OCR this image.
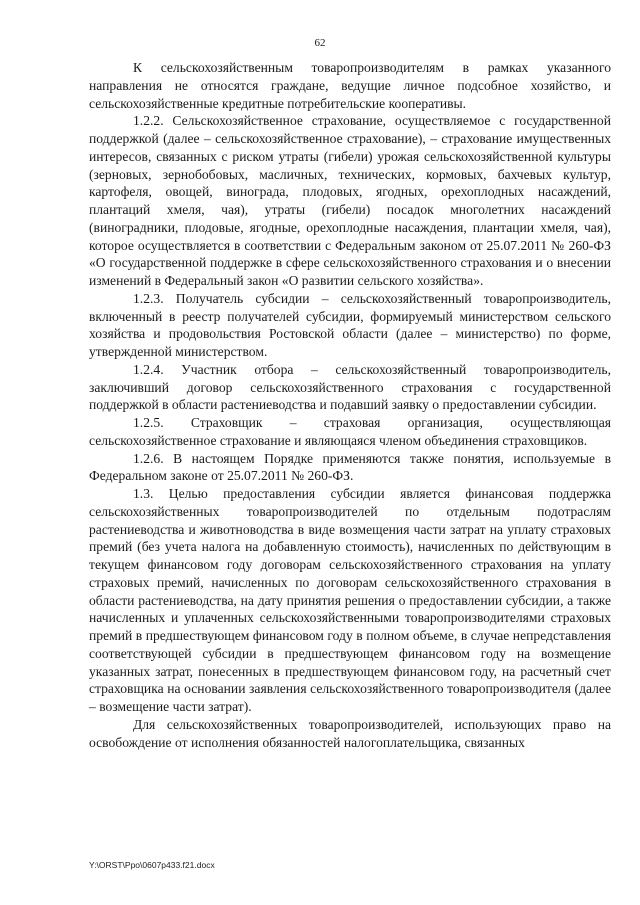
62

К сельскохозяйственным товаропроизводителям в рамках указанного направления не относятся граждане, ведущие личное подсобное хозяйство, и сельскохозяйственные кредитные потребительские кооперативы.

1.2.2. Сельскохозяйственное страхование, осуществляемое с государственной поддержкой (далее – сельскохозяйственное страхование), – страхование имущественных интересов, связанных с риском утраты (гибели) урожая сельскохозяйственной культуры (зерновых, зернобобовых, масличных, технических, кормовых, бахчевых культур, картофеля, овощей, винограда, плодовых, ягодных, орехоплодных насаждений, плантаций хмеля, чая), утраты (гибели) посадок многолетних насаждений (виноградники, плодовые, ягодные, орехоплодные насаждения, плантации хмеля, чая), которое осуществляется в соответствии с Федеральным законом от 25.07.2011 № 260-ФЗ «О государственной поддержке в сфере сельскохозяйственного страхования и о внесении изменений в Федеральный закон «О развитии сельского хозяйства».

1.2.3. Получатель субсидии – сельскохозяйственный товаропроизводитель, включенный в реестр получателей субсидии, формируемый министерством сельского хозяйства и продовольствия Ростовской области (далее – министерство) по форме, утвержденной министерством.

1.2.4. Участник отбора – сельскохозяйственный товаропроизводитель, заключивший договор сельскохозяйственного страхования с государственной поддержкой в области растениеводства и подавший заявку о предоставлении субсидии.

1.2.5. Страховщик – страховая организация, осуществляющая сельскохозяйственное страхование и являющаяся членом объединения страховщиков.

1.2.6. В настоящем Порядке применяются также понятия, используемые в Федеральном законе от 25.07.2011 № 260-ФЗ.

1.3. Целью предоставления субсидии является финансовая поддержка сельскохозяйственных товаропроизводителей по отдельным подотраслям растениеводства и животноводства в виде возмещения части затрат на уплату страховых премий (без учета налога на добавленную стоимость), начисленных по действующим в текущем финансовом году договорам сельскохозяйственного страхования на уплату страховых премий, начисленных по договорам сельскохозяйственного страхования в области растениеводства, на дату принятия решения о предоставлении субсидии, а также начисленных и уплаченных сельскохозяйственными товаропроизводителями страховых премий в предшествующем финансовом году в полном объеме, в случае непредставления соответствующей субсидии в предшествующем финансовом году на возмещение указанных затрат, понесенных в предшествующем финансовом году, на расчетный счет страховщика на основании заявления сельскохозяйственного товаропроизводителя (далее – возмещение части затрат).

Для сельскохозяйственных товаропроизводителей, использующих право на освобождение от исполнения обязанностей налогоплательщика, связанных

Y:\ORST\Ppo\0607p433.f21.docx
